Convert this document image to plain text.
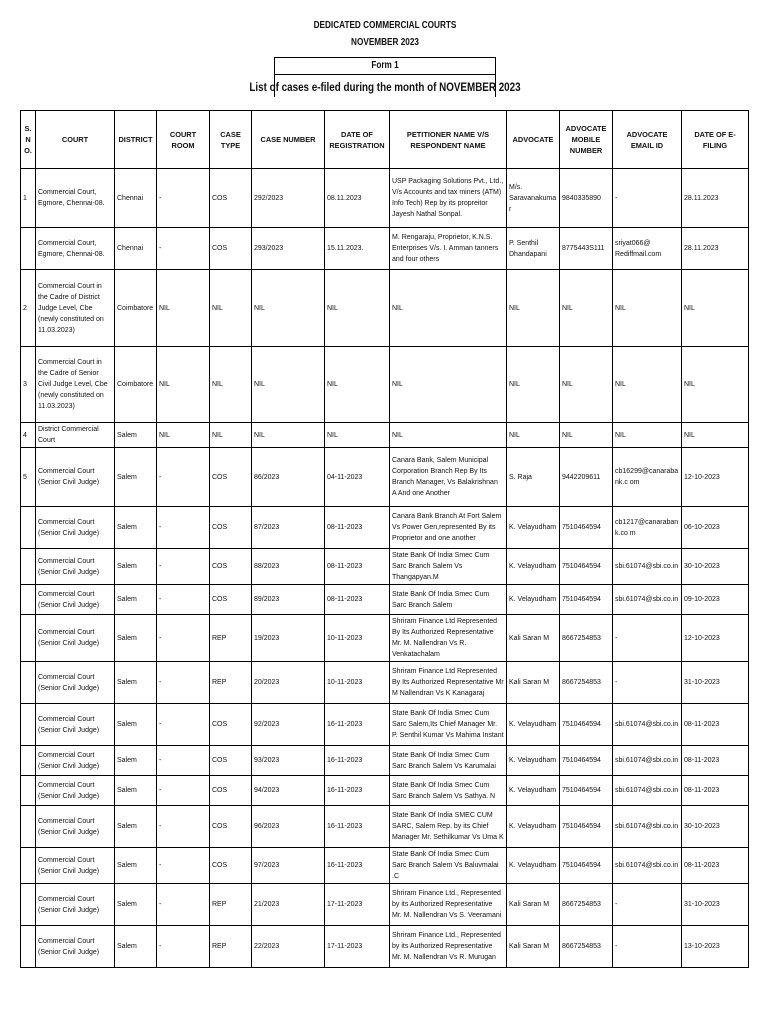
DEDICATED COMMERCIAL COURTS
NOVEMBER 2023
Form 1
List of cases e-filed during the month of NOVEMBER 2023
S.N O.	COURT	DISTRICT	COURT ROOM	CASE TYPE	CASE NUMBER	DATE OF REGISTRATION	PETITIONER NAME V/S RESPONDENT NAME	ADVOCATE	ADVOCATE MOBILE NUMBER	ADVOCATE EMAIL ID	DATE OF E-FILING
1	Commercial Court, Egmore, Chennai-08.	Chennai	-	COS	292/2023	08.11.2023	USP Packaging Solutions Pvt., Ltd., V/s Accounts and tax miners (ATM) Info Tech) Rep by its propreitor Jayesh Nathal Sonpal.	M/s. Saravanakumar	9840335890	-	28.11.2023
	Commercial Court, Egmore, Chennai-08.	Chennai	-	COS	293/2023	15.11.2023.	M. Rengaraju, Proprietor, K.N.S. Enterprises V/s. I. Amman tanners and four others	P. Senthil Dhandapani	8775443S111	sriyat066@ Rediffmail.com	28.11.2023
2	Commercial Court in the Cadre of District Judge Level, Cbe (newly constituted on 11.03.2023)	Coimbatore	NIL	NIL	NIL	NIL	NIL	NIL	NIL	NIL	NIL
3	Commercial Court in the Cadre of Senior Civil Judge Level, Cbe (newly constituted on 11.03.2023)	Coimbatore	NIL	NIL	NIL	NIL	NIL	NIL	NIL	NIL	NIL
4	District Commercial Court	Salem	NIL	NIL	NIL	NIL	NIL	NIL	NIL	NIL	NIL
5	Commercial Court (Senior Civil Judge)	Salem	-	COS	86/2023	04-11-2023	Canara Bank, Salem Municipal Corporation Branch Rep By Its Branch Manager, Vs Balakrishnan A And one Another	S. Raja	9442209611	cb16299@canarabank.c om	12-10-2023
	Commercial Court (Senior Civil Judge)	Salem	-	COS	87/2023	08-11-2023	Canara Bank Branch At Fort Salem Vs Power Gen,represented By its Proprietor and one another	K. Velayudham	7510464594	cb1217@canarabank.co m	06-10-2023
	Commercial Court (Senior Civil Judge)	Salem	-	COS	88/2023	08-11-2023	State Bank Of India Smec Cum Sarc Branch Salem Vs Thangapyan.M	K. Velayudham	7510464594	sbi.61074@sbi.co.in	30-10-2023
	Commercial Court (Senior Civil Judge)	Salem	-	COS	89/2023	08-11-2023	State Bank Of India Smec Cum Sarc Branch Salem	K. Velayudham	7510464594	sbi.61074@sbi.co.in	09-10-2023
	Commercial Court (Senior Civil Judge)	Salem	-	REP	19/2023	10-11-2023	Shriram Finance Ltd Represented By Its Authorized Representative Mr. M. Nallendran Vs R. Venkatachalam	Kali Saran M	8667254853	-	12-10-2023
	Commercial Court (Senior Civil Judge)	Salem	-	REP	20/2023	10-11-2023	Shriram Finance Ltd Represented By Its Authorized Representative Mr M Nallendran Vs K Kanagaraj	Kali Saran M	8667254853	-	31-10-2023
	Commercial Court (Senior Civil Judge)	Salem	-	COS	92/2023	16-11-2023	State Bank Of India Smec Cum Sarc Salem,Its Chief Manager Mr. P. Senthil Kumar Vs Mahima Instant	K. Velayudham	7510464594	sbi.61074@sbi.co.in	08-11-2023
	Commercial Court (Senior Civil Judge)	Salem	-	COS	93/2023	16-11-2023	State Bank Of India Smec Cum Sarc Branch Salem Vs Karumalai	K. Velayudham	7510464594	sbi.61074@sbi.co.in	08-11-2023
	Commercial Court (Senior Civil Judge)	Salem	-	COS	94/2023	16-11-2023	State Bank Of India Smec Cum Sarc Branch Salem Vs Sathya. N	K. Velayudham	7510464594	sbi.61074@sbi.co.in	08-11-2023
	Commercial Court (Senior Civil Judge)	Salem	-	COS	96/2023	16-11-2023	State Bank Of India SMEC CUM SARC, Salem Rep. by its Chief Manager Mr. Sethilkumar Vs Uma K	K. Velayudham	7510464594	sbi.61074@sbi.co.in	30-10-2023
	Commercial Court (Senior Civil Judge)	Salem	-	COS	97/2023	16-11-2023	State Bank Of India Smec Cum Sarc Branch Salem Vs Baluvmalai .C	K. Velayudham	7510464594	sbi.61074@sbi.co.in	08-11-2023
	Commercial Court (Senior Civil Judge)	Salem	-	REP	21/2023	17-11-2023	Shriram Finance Ltd., Represented by its Authorized Representative Mr. M. Nallendran Vs S. Veeramani	Kali Saran M	8667254853	-	31-10-2023
	Commercial Court (Senior Civil Judge)	Salem	-	REP	22/2023	17-11-2023	Shriram Finance Ltd., Represented by its Authorized Representative Mr. M. Nallendran Vs R. Murugan	Kali Saran M	8667254853	-	13-10-2023
